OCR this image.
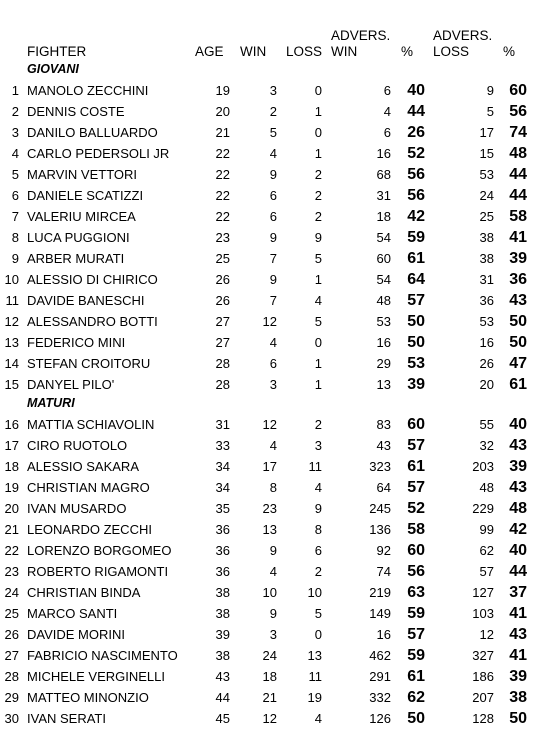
FIGHTER	AGE WIN LOSS
ADVERS.
WIN	%
ADVERS.
LOSS	%
GIOVANI
1 MANOLO ZECCHINI	19	3	0	6	40	9 60
2 DENNIS COSTE	20	2	1	4	44	5 56
3 DANILO BALLUARDO	21	5	0	6	26	17 74
4 CARLO PEDERSOLI JR	22	4	1	16	52	15 48
5 MARVIN VETTORI	22	9	2	68	56	53 44
6 DANIELE SCATIZZI	22	6	2	31	56	24 44
7 VALERIU MIRCEA	22	6	2	18	42	25 58
8 LUCA PUGGIONI	23	9	9	54	59	38 41
9 ARBER MURATI	25	7	5	60	61	38 39
10 ALESSIO DI CHIRICO	26	9	1	54	64	31 36
11 DAVIDE BANESCHI	26	7	4	48	57	36 43
12 ALESSANDRO BOTTI	27	12	5	53	50	53 50
13 FEDERICO MINI	27	4	0	16	50	16 50
14 STEFAN CROITORU	28	6	1	29	53	26 47
15 DANYEL PILO'	28	3	1	13	39	20 61
MATURI
16 MATTIA SCHIAVOLIN	31	12	2	83	60	55 40
17 CIRO RUOTOLO	33	4	3	43	57	32 43
18 ALESSIO SAKARA	34	17	11	323	61	203 39
19 CHRISTIAN MAGRO	34	8	4	64	57	48 43
20 IVAN MUSARDO	35	23	9	245	52	229 48
21 LEONARDO ZECCHI	36	13	8	136	58	99 42
22 LORENZO BORGOMEO	36	9	6	92	60	62 40
23 ROBERTO RIGAMONTI	36	4	2	74	56	57 44
24 CHRISTIAN BINDA	38	10	10	219	63	127 37
25 MARCO SANTI	38	9	5	149	59	103 41
26 DAVIDE MORINI	39	3	0	16	57	12 43
27 FABRICIO NASCIMENTO	38	24	13	462	59	327 41
28 MICHELE VERGINELLI	43	18	11	291	61	186 39
29 MATTEO MINONZIO	44	21	19	332	62	207 38
30 IVAN SERATI	45	12	4	126	50	128 50
